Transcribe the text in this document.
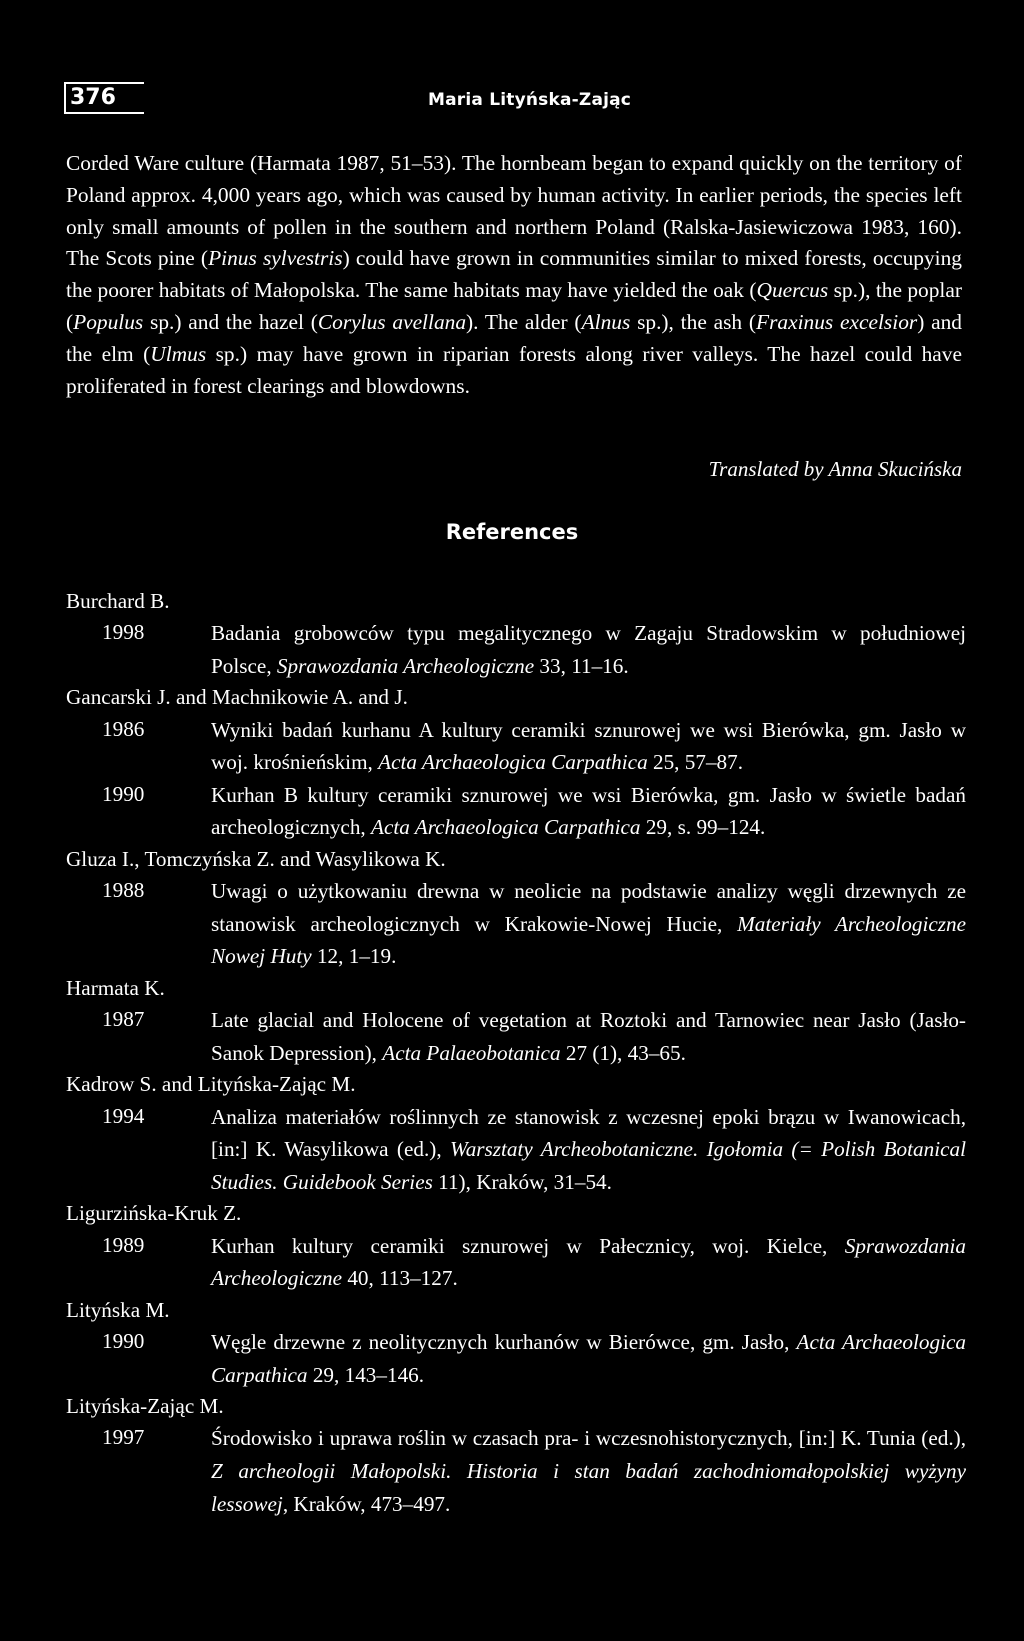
376	Maria Lityńska-Zając

Corded Ware culture (Harmata 1987, 51–53). The hornbeam began to expand quickly on the territory of Poland approx. 4,000 years ago, which was caused by human activity. In earlier periods, the species left only small amounts of pollen in the southern and northern Poland (Ralska-Jasiewiczowa 1983, 160). The Scots pine (Pinus sylvestris) could have grown in communities similar to mixed forests, occupying the poorer habitats of Małopolska. The same habitats may have yielded the oak (Quercus sp.), the poplar (Populus sp.) and the hazel (Corylus avellana). The alder (Alnus sp.), the ash (Fraxinus excelsior) and the elm (Ulmus sp.) may have grown in riparian forests along river valleys. The hazel could have proliferated in forest clearings and blowdowns.

Translated by Anna Skucińska
References
Burchard B.
1998	Badania grobowców typu megalitycznego w Zagaju Stradowskim w południowej Polsce, Sprawozdania Archeologiczne 33, 11–16.
Gancarski J. and Machnikowie A. and J.
1986	Wyniki badań kurhanu A kultury ceramiki sznurowej we wsi Bierówka, gm. Jasło w woj. krośnieńskim, Acta Archaeologica Carpathica 25, 57–87.
1990	Kurhan B kultury ceramiki sznurowej we wsi Bierówka, gm. Jasło w świetle badań archeologicznych, Acta Archaeologica Carpathica 29, s. 99–124.
Gluza I., Tomczyńska Z. and Wasylikowa K.
1988	Uwagi o użytkowaniu drewna w neolicie na podstawie analizy węgli drzewnych ze stanowisk archeologicznych w Krakowie-Nowej Hucie, Materiały Archeologiczne Nowej Huty 12, 1–19.
Harmata K.
1987	Late glacial and Holocene of vegetation at Roztoki and Tarnowiec near Jasło (Jasło-Sanok Depression), Acta Palaeobotanica 27 (1), 43–65.
Kadrow S. and Lityńska-Zając M.
1994	Analiza materiałów roślinnych ze stanowisk z wczesnej epoki brązu w Iwanowicach, [in:] K. Wasylikowa (ed.), Warsztaty Archeobotaniczne. Igołomia (= Polish Botanical Studies. Guidebook Series 11), Kraków, 31–54.
Ligurzińska-Kruk Z.
1989	Kurhan kultury ceramiki sznurowej w Pałecznicy, woj. Kielce, Sprawozdania Archeologiczne 40, 113–127.
Lityńska M.
1990	Węgle drzewne z neolitycznych kurhanów w Bierówce, gm. Jasło, Acta Archaeologica Carpathica 29, 143–146.
Lityńska-Zając M.
1997	Środowisko i uprawa roślin w czasach pra- i wczesnohistorycznych, [in:] K. Tunia (ed.), Z archeologii Małopolski. Historia i stan badań zachodniomałopolskiej wyżyny lessowej, Kraków, 473–497.
